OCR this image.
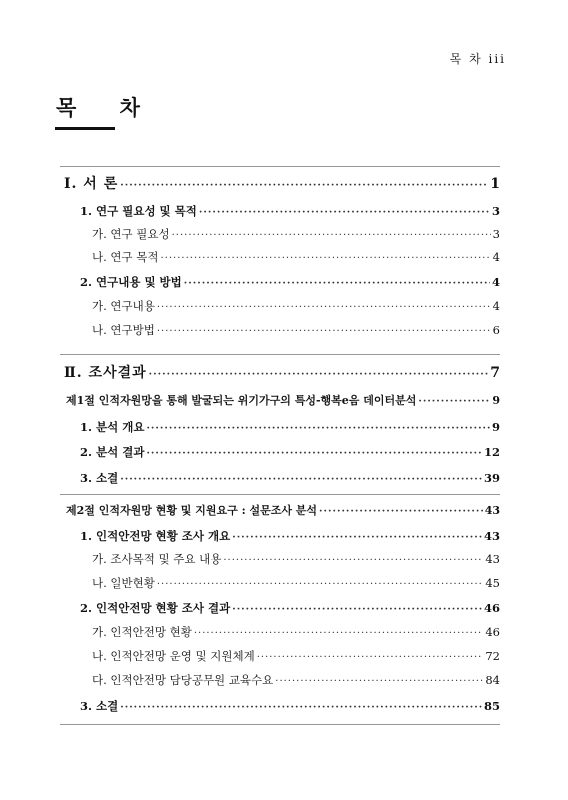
목 차 iii
목 차
Ⅰ. 서 론 ·····	1
1. 연구 필요성 및 목적 ·····	3
가. 연구 필요성 ·····	3
나. 연구 목적 ·····	4
2. 연구내용 및 방법 ·····	4
가. 연구내용 ·····	4
나. 연구방법 ·····	6
Ⅱ. 조사결과 ·····	7
제1절 인적자원망을 통해 발굴되는 위기가구의 특성-행복e음 데이터분석 ·····	9
1. 분석 개요 ·····	9
2. 분석 결과 ·····	12
3. 소결 ·····	39
제2절 인적자원망 현황 및 지원요구 : 설문조사 분석 ·····	43
1. 인적안전망 현황 조사 개요 ·····	43
가. 조사목적 및 주요 내용 ·····	43
나. 일반현황 ·····	45
2. 인적안전망 현황 조사 결과 ·····	46
가. 인적안전망 현황 ·····	46
나. 인적안전망 운영 및 지원체계 ·····	72
다. 인적안전망 담당공무원 교육수요 ·····	84
3. 소결 ·····	85
